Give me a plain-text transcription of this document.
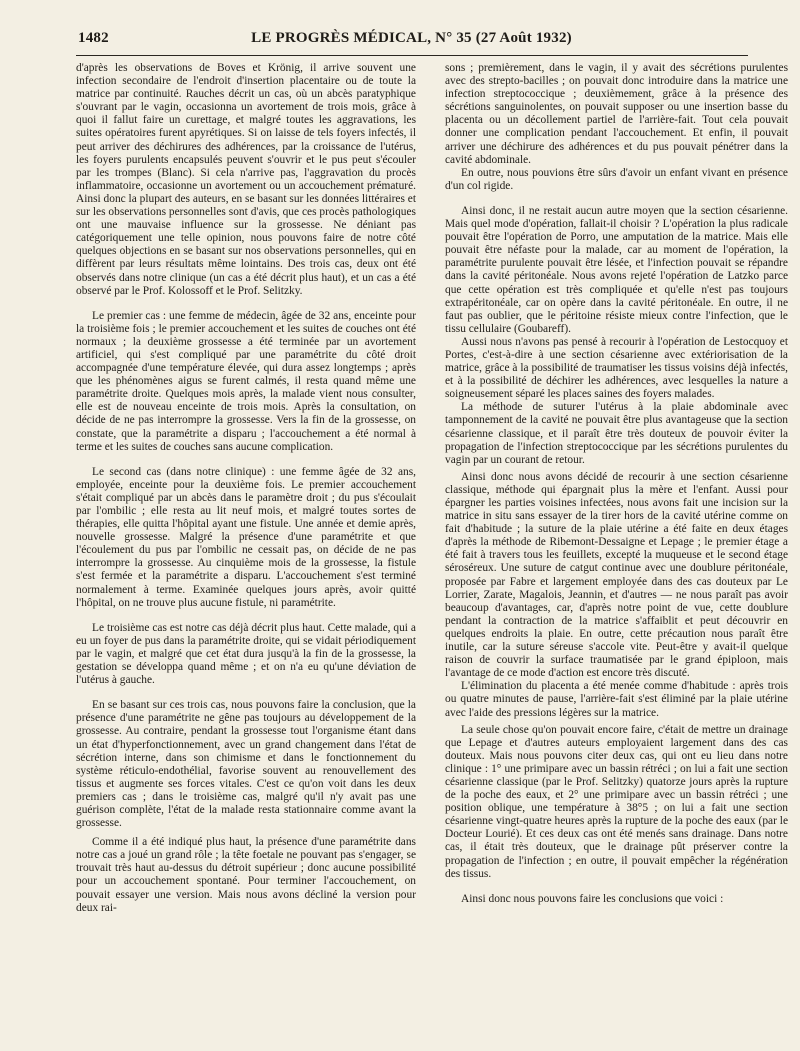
1482	LE PROGRÈS MÉDICAL, N° 35 (27 Août 1932)

d'après les observations de Boves et Krönig, il arrive souvent une infection secondaire de l'endroit d'insertion placentaire ou de toute la matrice par continuité. Rauches décrit un cas, où un abcès paratyphique s'ouvrant par le vagin, occasionna un avortement de trois mois, grâce à quoi il fallut faire un curettage, et malgré toutes les aggravations, les suites opératoires furent apyrétiques. Si on laisse de tels foyers infectés, il peut arriver des déchirures des adhérences, par la croissance de l'utérus, les foyers purulents encapsulés peuvent s'ouvrir et le pus peut s'écouler par les trompes (Blanc). Si cela n'arrive pas, l'aggravation du procès inflammatoire, occasionne un avortement ou un accouchement prématuré. Ainsi donc la plupart des auteurs, en se basant sur les données littéraires et sur les observations personnelles sont d'avis, que ces procès pathologiques ont une mauvaise influence sur la grossesse. Ne déniant pas catégoriquement une telle opinion, nous pouvons faire de notre côté quelques objections en se basant sur nos observations personnelles, qui en diffèrent par leurs résultats même lointains. Des trois cas, deux ont été observés dans notre clinique (un cas a été décrit plus haut), et un cas a été observé par le Prof. Kolossoff et le Prof. Selitzky.

Le premier cas : une femme de médecin, âgée de 32 ans, enceinte pour la troisième fois ; le premier accouchement et les suites de couches ont été normaux ; la deuxième grossesse a été terminée par un avortement artificiel, qui s'est compliqué par une paramétrite du côté droit accompagnée d'une température élevée, qui dura assez longtemps ; après que les phénomènes aigus se furent calmés, il resta quand même une paramétrite droite. Quelques mois après, la malade vient nous consulter, elle est de nouveau enceinte de trois mois. Après la consultation, on décide de ne pas interrompre la grossesse. Vers la fin de la grossesse, on constate, que la paramétrite a disparu ; l'accouchement a été normal à terme et les suites de couches sans aucune complication.

Le second cas (dans notre clinique) : une femme âgée de 32 ans, employée, enceinte pour la deuxième fois. Le premier accouchement s'était compliqué par un abcès dans le paramètre droit ; du pus s'écoulait par l'ombilic ; elle resta au lit neuf mois, et malgré toutes sortes de thérapies, elle quitta l'hôpital ayant une fistule. Une année et demie après, nouvelle grossesse. Malgré la présence d'une paramétrite et que l'écoulement du pus par l'ombilic ne cessait pas, on décide de ne pas interrompre la grossesse. Au cinquième mois de la grossesse, la fistule s'est fermée et la paramétrite a disparu. L'accouchement s'est terminé normalement à terme. Examinée quelques jours après, avoir quitté l'hôpital, on ne trouve plus aucune fistule, ni paramétrite.

Le troisième cas est notre cas déjà décrit plus haut. Cette malade, qui a eu un foyer de pus dans la paramétrite droite, qui se vidait périodiquement par le vagin, et malgré que cet état dura jusqu'à la fin de la grossesse, la gestation se développa quand même ; et on n'a eu qu'une déviation de l'utérus à gauche.

En se basant sur ces trois cas, nous pouvons faire la conclusion, que la présence d'une paramétrite ne gêne pas toujours au développement de la grossesse. Au contraire, pendant la grossesse tout l'organisme étant dans un état d'hyperfonctionnement, avec un grand changement dans l'état de sécrétion interne, dans son chimisme et dans le fonctionnement du système réticulo-endothélial, favorise souvent au renouvellement des tissus et augmente ses forces vitales. C'est ce qu'on voit dans les deux premiers cas ; dans le troisième cas, malgré qu'il n'y avait pas une guérison complète, l'état de la malade resta stationnaire comme avant la grossesse.

Comme il a été indiqué plus haut, la présence d'une paramétrite dans notre cas a joué un grand rôle ; la tête foetale ne pouvant pas s'engager, se trouvait très haut au-dessus du détroit supérieur ; donc aucune possibilité pour un accouchement spontané. Pour terminer l'accouchement, on pouvait essayer une version. Mais nous avons décliné la version pour deux rai-

sons ; premièrement, dans le vagin, il y avait des sécrétions purulentes avec des strepto-bacilles ; on pouvait donc introduire dans la matrice une infection streptococcique ; deuxièmement, grâce à la présence des sécrétions sanguinolentes, on pouvait supposer ou une insertion basse du placenta ou un décollement partiel de l'arrière-fait. Tout cela pouvait donner une complication pendant l'accouchement. Et enfin, il pouvait arriver une déchirure des adhérences et du pus pouvait pénétrer dans la cavité abdominale.

En outre, nous pouvions être sûrs d'avoir un enfant vivant en présence d'un col rigide.

Ainsi donc, il ne restait aucun autre moyen que la section césarienne. Mais quel mode d'opération, fallait-il choisir ? L'opération la plus radicale pouvait être l'opération de Porro, une amputation de la matrice. Mais elle pouvait être néfaste pour la malade, car au moment de l'opération, la paramétrite purulente pouvait être lésée, et l'infection pouvait se répandre dans la cavité péritonéale. Nous avons rejeté l'opération de Latzko parce que cette opération est très compliquée et qu'elle n'est pas toujours extrapéritonéale, car on opère dans la cavité péritonéale. En outre, il ne faut pas oublier, que le péritoine résiste mieux contre l'infection, que le tissu cellulaire (Goubareff).

Aussi nous n'avons pas pensé à recourir à l'opération de Lestocquoy et Portes, c'est-à-dire à une section césarienne avec extériorisation de la matrice, grâce à la possibilité de traumatiser les tissus voisins déjà infectés, et à la possibilité de déchirer les adhérences, avec lesquelles la nature a soigneusement séparé les places saines des foyers malades.

La méthode de suturer l'utérus à la plaie abdominale avec tamponnement de la cavité ne pouvait être plus avantageuse que la section césarienne classique, et il paraît être très douteux de pouvoir éviter la propagation de l'infection streptococcique par les sécrétions purulentes du vagin par un courant de retour.

Ainsi donc nous avons décidé de recourir à une section césarienne classique, méthode qui épargnait plus la mère et l'enfant. Aussi pour épargner les parties voisines infectées, nous avons fait une incision sur la matrice in situ sans essayer de la tirer hors de la cavité utérine comme on fait d'habitude ; la suture de la plaie utérine a été faite en deux étages d'après la méthode de Ribemont-Dessaigne et Lepage ; le premier étage a été fait à travers tous les feuillets, excepté la muqueuse et le second étage séroséreux. Une suture de catgut continue avec une doublure péritonéale, proposée par Fabre et largement employée dans des cas douteux par Le Lorrier, Zarate, Magalois, Jeannin, et d'autres — ne nous paraît pas avoir beaucoup d'avantages, car, d'après notre point de vue, cette doublure pendant la contraction de la matrice s'affaiblit et peut découvrir en quelques endroits la plaie. En outre, cette précaution nous paraît être inutile, car la suture séreuse s'accole vite. Peut-être y avait-il quelque raison de couvrir la surface traumatisée par le grand épiploon, mais l'avantage de ce mode d'action est encore très discuté.

L'élimination du placenta a été menée comme d'habitude : après trois ou quatre minutes de pause, l'arrière-fait s'est éliminé par la plaie utérine avec l'aide des pressions légères sur la matrice.

La seule chose qu'on pouvait encore faire, c'était de mettre un drainage que Lepage et d'autres auteurs employaient largement dans des cas douteux. Mais nous pouvons citer deux cas, qui ont eu lieu dans notre clinique : 1° une primipare avec un bassin rétréci ; on lui a fait une section césarienne classique (par le Prof. Selitzky) quatorze jours après la rupture de la poche des eaux, et 2° une primipare avec un bassin rétréci ; une position oblique, une température à 38°5 ; on lui a fait une section césarienne vingt-quatre heures après la rupture de la poche des eaux (par le Docteur Lourié). Et ces deux cas ont été menés sans drainage. Dans notre cas, il était très douteux, que le drainage pût préserver contre la propagation de l'infection ; en outre, il pouvait empêcher la régénération des tissus.

Ainsi donc nous pouvons faire les conclusions que voici :
